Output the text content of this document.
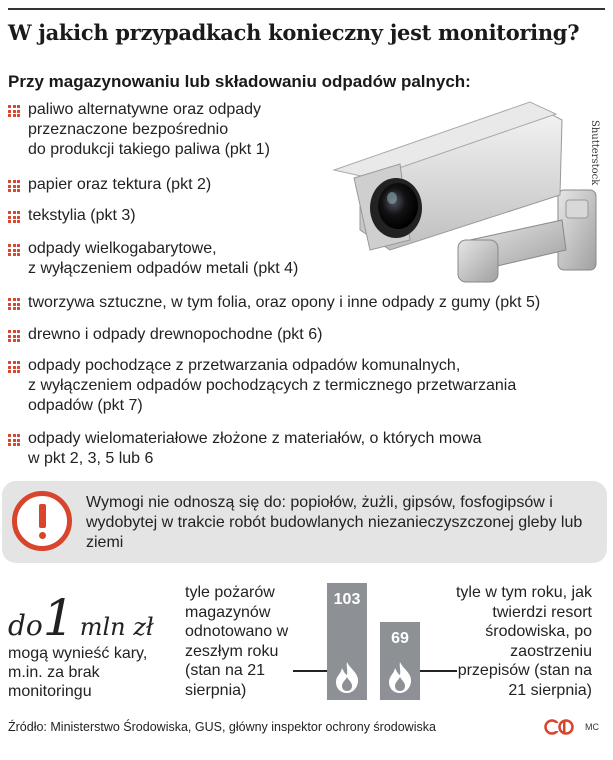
W jakich przypadkach konieczny jest monitoring?
Przy magazynowaniu lub składowaniu odpadów palnych:
Shutterstock
paliwo alternatywne oraz odpady
przeznaczone bezpośrednio
do produkcji takiego paliwa (pkt 1)
papier oraz tektura (pkt 2)
tekstylia (pkt 3)
odpady wielkogabarytowe,
z wyłączeniem odpadów metali (pkt 4)
tworzywa sztuczne, w tym folia, oraz opony i inne odpady z gumy (pkt 5)
drewno i odpady drewnopochodne (pkt 6)
odpady pochodzące z przetwarzania odpadów komunalnych,
z wyłączeniem odpadów pochodzących z termicznego przetwarzania
odpadów (pkt 7)
odpady wielomateriałowe złożone z materiałów, o których mowa
w pkt 2, 3, 5 lub 6

Wymogi nie odnoszą się do: popiołów, żużli, gipsów, fosfogipsów i wydobytej w trakcie robót budowlanych niezanieczyszczonej gleby lub ziemi

do1 mln zł

mogą wynieść kary, m.in. za brak monitoringu

tyle pożarów magazynów odnotowano w zeszłym roku (stan na 21 sierpnia)

103
69

tyle w tym roku, jak twierdzi resort środowiska, po zaostrzeniu przepisów (stan na 21 sierpnia)

Źródło: Ministerstwo Środowiska, GUS, główny inspektor ochrony środowiska	MC
